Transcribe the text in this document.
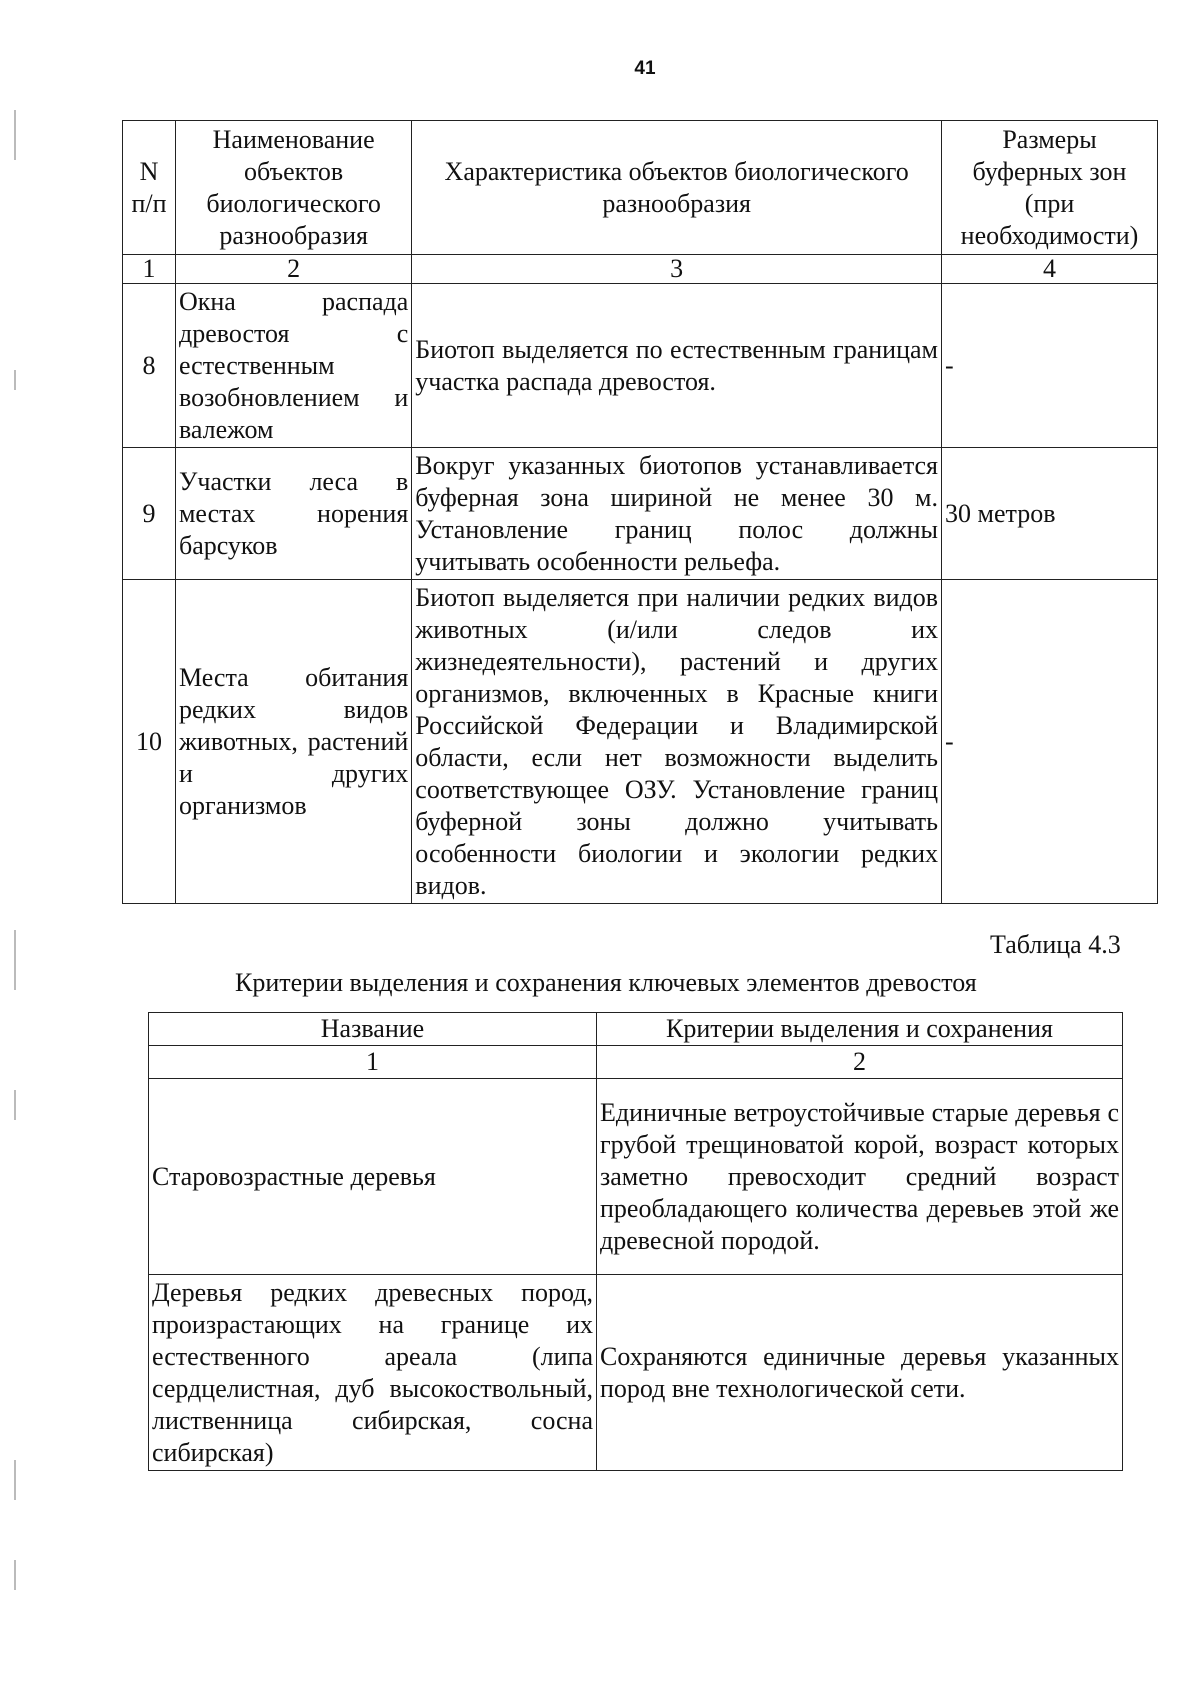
41
N п/п	Наименование объектов биологического разнообразия	Характеристика объектов биологического разнообразия	Размеры буферных зон (при необходимости)
1	2	3	4
8	Окна распада древостоя с естественным возобновлением и валежом	Биотоп выделяется по естественным границам участка распада древостоя.	-
9	Участки леса в местах норения барсуков	Вокруг указанных биотопов устанавливается буферная зона шириной не менее 30 м. Установление границ полос должны учитывать особенности рельефа.	30 метров
10	Места обитания редких видов животных, растений и других организмов	Биотоп выделяется при наличии редких видов животных (и/или следов их жизнедеятельности), растений и других организмов, включенных в Красные книги Российской Федерации и Владимирской области, если нет возможности выделить соответствующее ОЗУ. Установление границ буферной зоны должно учитывать особенности биологии и экологии редких видов.	-
Таблица 4.3
Критерии выделения и сохранения ключевых элементов древостоя
Название	Критерии выделения и сохранения
1	2
Старовозрастные деревья	Единичные ветроустойчивые старые деревья с грубой трещиноватой корой, возраст которых заметно превосходит средний возраст преобладающего количества деревьев этой же древесной породой.
Деревья редких древесных пород, произрастающих на границе их естественного ареала (липа сердцелистная, дуб высокоствольный, лиственница сибирская, сосна сибирская)	Сохраняются единичные деревья указанных пород вне технологической сети.
